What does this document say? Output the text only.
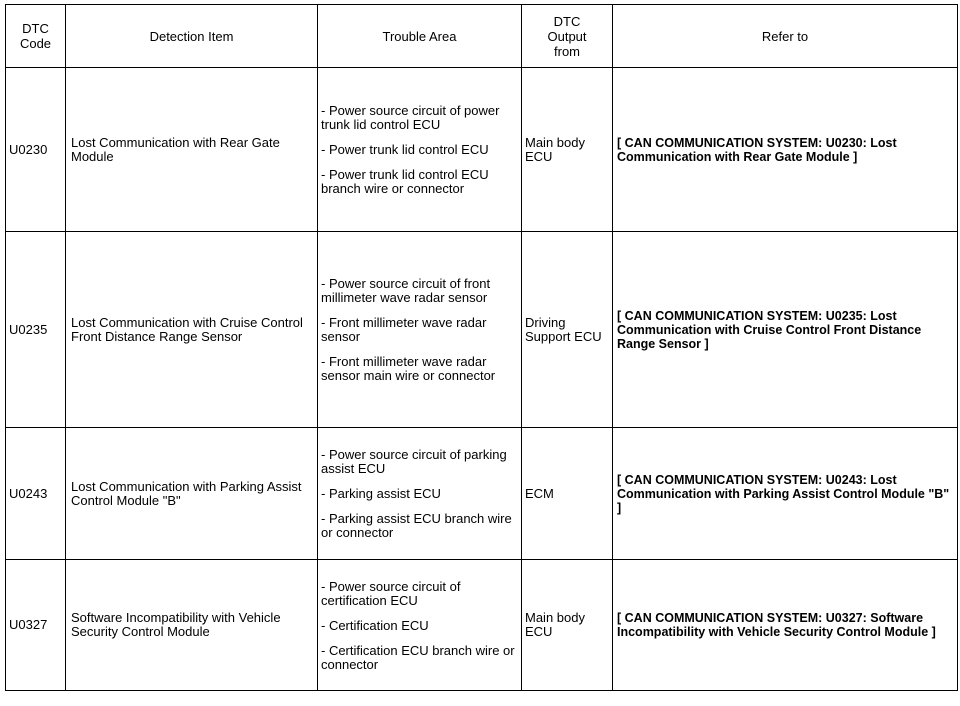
DTC Code	Detection Item	Trouble Area	DTC Output from	Refer to
U0230	Lost Communication with Rear Gate Module	- Power source circuit of power trunk lid control ECU

- Power trunk lid control ECU

- Power trunk lid control ECU branch wire or connector	Main body ECU	[ CAN COMMUNICATION SYSTEM: U0230: Lost Communication with Rear Gate Module ]
U0235	Lost Communication with Cruise Control Front Distance Range Sensor	- Power source circuit of front millimeter wave radar sensor

- Front millimeter wave radar sensor

- Front millimeter wave radar sensor main wire or connector	Driving Support ECU	[ CAN COMMUNICATION SYSTEM: U0235: Lost Communication with Cruise Control Front Distance Range Sensor ]
U0243	Lost Communication with Parking Assist Control Module "B"	- Power source circuit of parking assist ECU

- Parking assist ECU

- Parking assist ECU branch wire or connector	ECM	[ CAN COMMUNICATION SYSTEM: U0243: Lost Communication with Parking Assist Control Module "B" ]
U0327	Software Incompatibility with Vehicle Security Control Module	- Power source circuit of certification ECU

- Certification ECU

- Certification ECU branch wire or connector	Main body ECU	[ CAN COMMUNICATION SYSTEM: U0327: Software Incompatibility with Vehicle Security Control Module ]
